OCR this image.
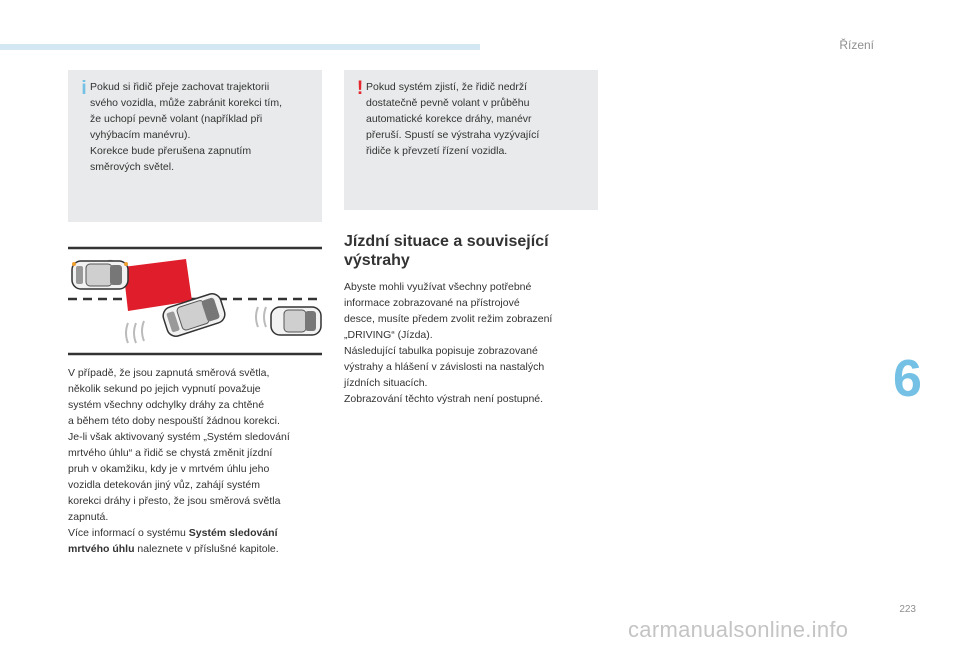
Řízení
6
i Pokud si řidič přeje zachovat trajektorii

svého vozidla, může zabránit korekci tím,

že uchopí pevně volant (například při

vyhýbacím manévru).

Korekce bude přerušena zapnutím

směrových světel.

! Pokud systém zjistí, že řidič nedrží

dostatečně pevně volant v průběhu

automatické korekce dráhy, manévr

přeruší. Spustí se výstraha vyzývající

řidiče k převzetí řízení vozidla.

V případě, že jsou zapnutá směrová světla,

několik sekund po jejich vypnutí považuje

systém všechny odchylky dráhy za chtěné

a během této doby nespouští žádnou korekci.

Je-li však aktivovaný systém „Systém sledování

mrtvého úhlu“ a řidič se chystá změnit jízdní

pruh v okamžiku, kdy je v mrtvém úhlu jeho

vozidla detekován jiný vůz, zahájí systém

korekci dráhy i přesto, že jsou směrová světla

zapnutá.

Více informací o systému Systém sledování

mrtvého úhlu naleznete v příslušné kapitole.

Jízdní situace a související
výstrahy

Abyste mohli využívat všechny potřebné

informace zobrazované na přístrojové

desce, musíte předem zvolit režim zobrazení

„DRIVING“ (Jízda).

Následující tabulka popisuje zobrazované

výstrahy a hlášení v závislosti na nastalých

jízdních situacích.

Zobrazování těchto výstrah není postupné.

223
carmanualsonline.info
